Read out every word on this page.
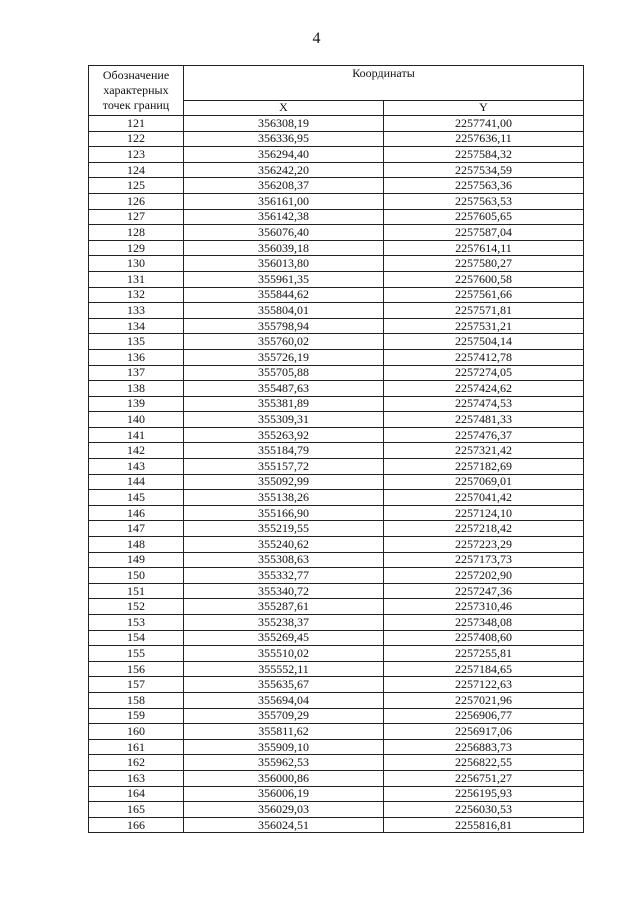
4
Обозначение характерных точек границ	Координаты	
	X	Y
121	356308,19	2257741,00
122	356336,95	2257636,11
123	356294,40	2257584,32
124	356242,20	2257534,59
125	356208,37	2257563,36
126	356161,00	2257563,53
127	356142,38	2257605,65
128	356076,40	2257587,04
129	356039,18	2257614,11
130	356013,80	2257580,27
131	355961,35	2257600,58
132	355844,62	2257561,66
133	355804,01	2257571,81
134	355798,94	2257531,21
135	355760,02	2257504,14
136	355726,19	2257412,78
137	355705,88	2257274,05
138	355487,63	2257424,62
139	355381,89	2257474,53
140	355309,31	2257481,33
141	355263,92	2257476,37
142	355184,79	2257321,42
143	355157,72	2257182,69
144	355092,99	2257069,01
145	355138,26	2257041,42
146	355166,90	2257124,10
147	355219,55	2257218,42
148	355240,62	2257223,29
149	355308,63	2257173,73
150	355332,77	2257202,90
151	355340,72	2257247,36
152	355287,61	2257310,46
153	355238,37	2257348,08
154	355269,45	2257408,60
155	355510,02	2257255,81
156	355552,11	2257184,65
157	355635,67	2257122,63
158	355694,04	2257021,96
159	355709,29	2256906,77
160	355811,62	2256917,06
161	355909,10	2256883,73
162	355962,53	2256822,55
163	356000,86	2256751,27
164	356006,19	2256195,93
165	356029,03	2256030,53
166	356024,51	2255816,81
